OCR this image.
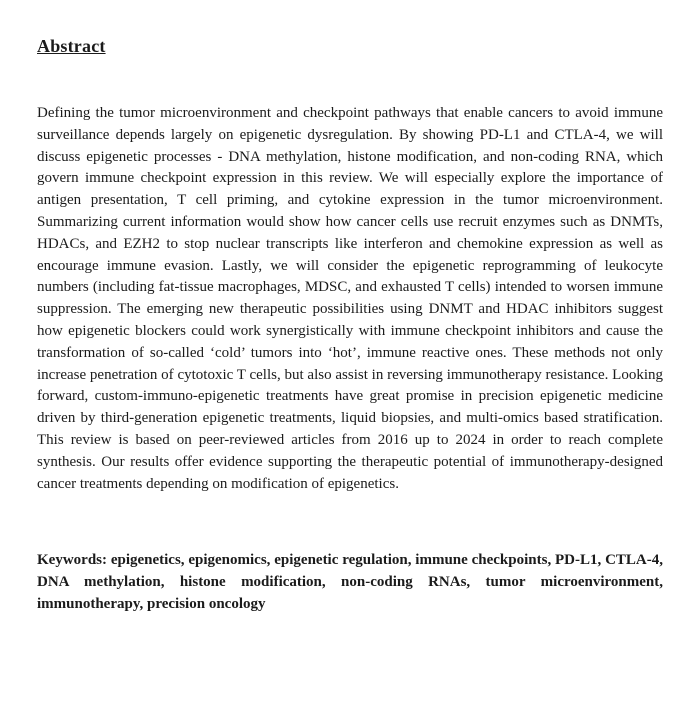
Abstract

Defining the tumor microenvironment and checkpoint pathways that enable cancers to avoid immune surveillance depends largely on epigenetic dysregulation. By showing PD-L1 and CTLA-4, we will discuss epigenetic processes - DNA methylation, histone modification, and non-coding RNA, which govern immune checkpoint expression in this review. We will especially explore the importance of antigen presentation, T cell priming, and cytokine expression in the tumor microenvironment. Summarizing current information would show how cancer cells use recruit enzymes such as DNMTs, HDACs, and EZH2 to stop nuclear transcripts like interferon and chemokine expression as well as encourage immune evasion. Lastly, we will consider the epigenetic reprogramming of leukocyte numbers (including fat-tissue macrophages, MDSC, and exhausted T cells) intended to worsen immune suppression. The emerging new therapeutic possibilities using DNMT and HDAC inhibitors suggest how epigenetic blockers could work synergistically with immune checkpoint inhibitors and cause the transformation of so-called ‘cold’ tumors into ‘hot’, immune reactive ones. These methods not only increase penetration of cytotoxic T cells, but also assist in reversing immunotherapy resistance. Looking forward, custom-immuno-epigenetic treatments have great promise in precision epigenetic medicine driven by third-generation epigenetic treatments, liquid biopsies, and multi-omics based stratification. This review is based on peer-reviewed articles from 2016 up to 2024 in order to reach complete synthesis. Our results offer evidence supporting the therapeutic potential of immunotherapy-designed cancer treatments depending on modification of epigenetics.

Keywords: epigenetics, epigenomics, epigenetic regulation, immune checkpoints, PD-L1, CTLA-4, DNA methylation, histone modification, non-coding RNAs, tumor microenvironment, immunotherapy, precision oncology
